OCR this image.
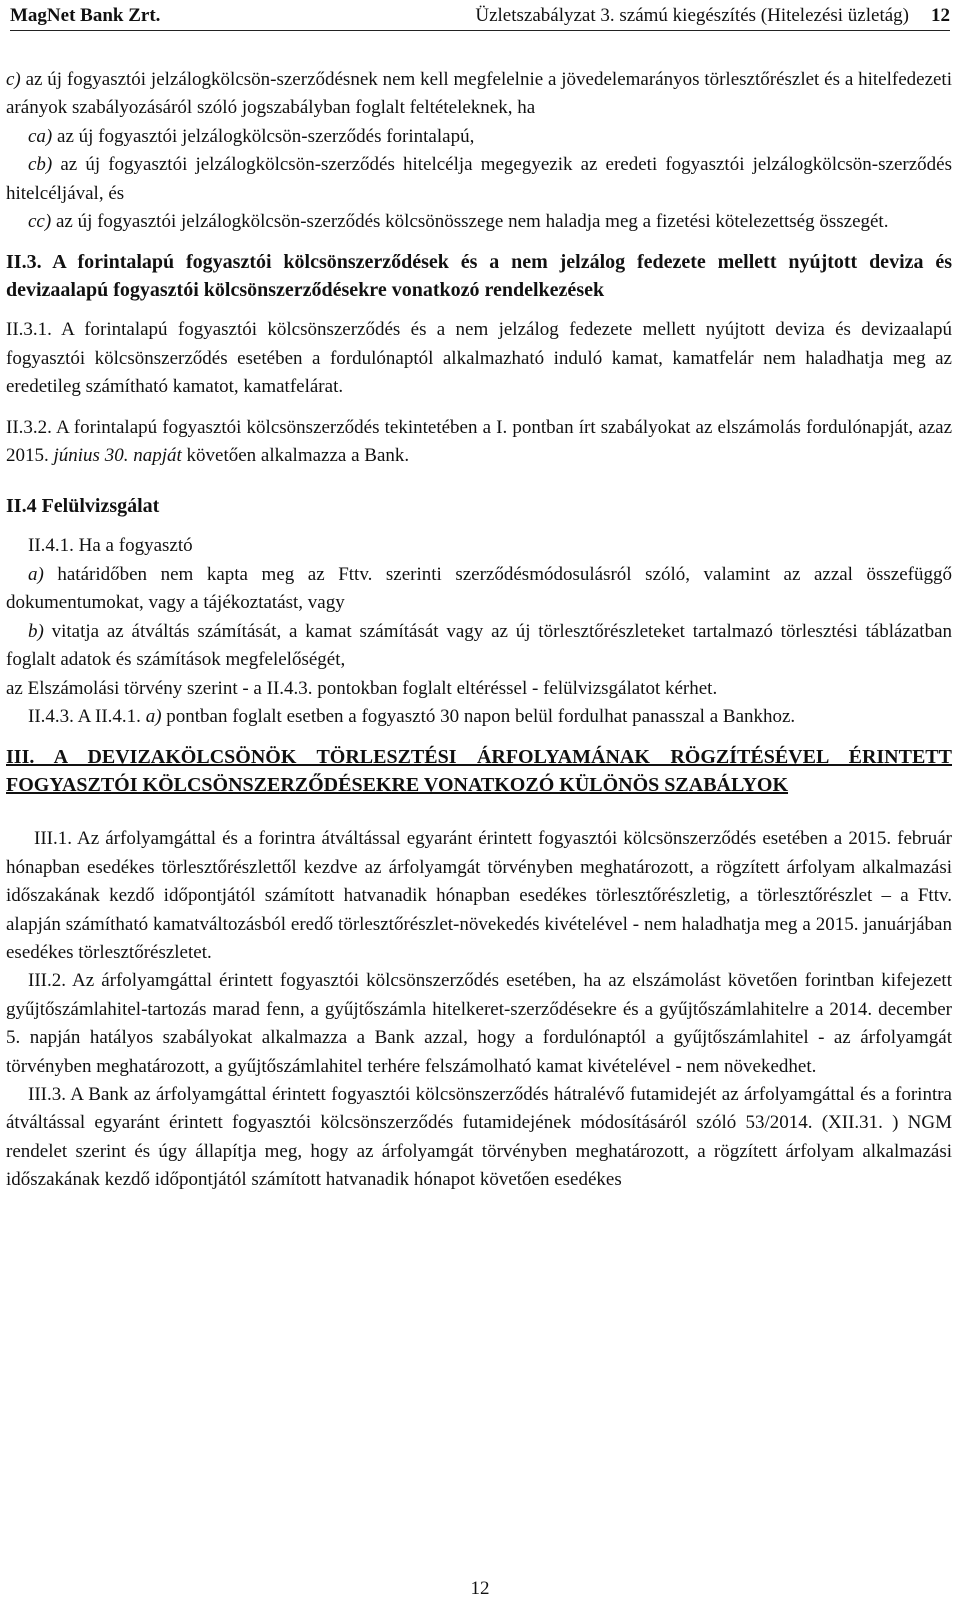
MagNet Bank Zrt.	Üzletszabályzat 3. számú kiegészítés (Hitelezési üzletág) 12

c) az új fogyasztói jelzálogkölcsön-szerződésnek nem kell megfelelnie a jövedelemarányos törlesztőrészlet és a hitelfedezeti arányok szabályozásáról szóló jogszabályban foglalt feltételeknek, ha

ca) az új fogyasztói jelzálogkölcsön-szerződés forintalapú,

cb) az új fogyasztói jelzálogkölcsön-szerződés hitelcélja megegyezik az eredeti fogyasztói jelzálogkölcsön-szerződés hitelcéljával, és

cc) az új fogyasztói jelzálogkölcsön-szerződés kölcsönösszege nem haladja meg a fizetési kötelezettség összegét.

II.3. A forintalapú fogyasztói kölcsönszerződések és a nem jelzálog fedezete mellett nyújtott deviza és devizaalapú fogyasztói kölcsönszerződésekre vonatkozó rendelkezések

II.3.1. A forintalapú fogyasztói kölcsönszerződés és a nem jelzálog fedezete mellett nyújtott deviza és devizaalapú fogyasztói kölcsönszerződés esetében a fordulónaptól alkalmazható induló kamat, kamatfelár nem haladhatja meg az eredetileg számítható kamatot, kamatfelárat.

II.3.2. A forintalapú fogyasztói kölcsönszerződés tekintetében a I. pontban írt szabályokat az elszámolás fordulónapját, azaz 2015. június 30. napját követően alkalmazza a Bank.

II.4 Felülvizsgálat

II.4.1. Ha a fogyasztó

a) határidőben nem kapta meg az Fttv. szerinti szerződésmódosulásról szóló, valamint az azzal összefüggő dokumentumokat, vagy a tájékoztatást, vagy

b) vitatja az átváltás számítását, a kamat számítását vagy az új törlesztőrészleteket tartalmazó törlesztési táblázatban foglalt adatok és számítások megfelelőségét,

az Elszámolási törvény szerint - a II.4.3. pontokban foglalt eltéréssel - felülvizsgálatot kérhet.

II.4.3. A II.4.1. a) pontban foglalt esetben a fogyasztó 30 napon belül fordulhat panasszal a Bankhoz.

III. A DEVIZAKÖLCSÖNÖK TÖRLESZTÉSI ÁRFOLYAMÁNAK RÖGZÍTÉSÉVEL ÉRINTETT FOGYASZTÓI KÖLCSÖNSZERZŐDÉSEKRE VONATKOZÓ KÜLÖNÖS SZABÁLYOK

III.1. Az árfolyamgáttal és a forintra átváltással egyaránt érintett fogyasztói kölcsönszerződés esetében a 2015. február hónapban esedékes törlesztőrészlettől kezdve az árfolyamgát törvényben meghatározott, a rögzített árfolyam alkalmazási időszakának kezdő időpontjától számított hatvanadik hónapban esedékes törlesztőrészletig, a törlesztőrészlet – a Fttv. alapján számítható kamatváltozásból eredő törlesztőrészlet-növekedés kivételével - nem haladhatja meg a 2015. januárjában esedékes törlesztőrészletet.

III.2. Az árfolyamgáttal érintett fogyasztói kölcsönszerződés esetében, ha az elszámolást követően forintban kifejezett gyűjtőszámlahitel-tartozás marad fenn, a gyűjtőszámla hitelkeret-szerződésekre és a gyűjtőszámlahitelre a 2014. december 5. napján hatályos szabályokat alkalmazza a Bank azzal, hogy a fordulónaptól a gyűjtőszámlahitel - az árfolyamgát törvényben meghatározott, a gyűjtőszámlahitel terhére felszámolható kamat kivételével - nem növekedhet.

III.3. A Bank az árfolyamgáttal érintett fogyasztói kölcsönszerződés hátralévő futamidejét az árfolyamgáttal és a forintra átváltással egyaránt érintett fogyasztói kölcsönszerződés futamidejének módosításáról szóló 53/2014. (XII.31. ) NGM rendelet szerint és úgy állapítja meg, hogy az árfolyamgát törvényben meghatározott, a rögzített árfolyam alkalmazási időszakának kezdő időpontjától számított hatvanadik hónapot követően esedékes

12
